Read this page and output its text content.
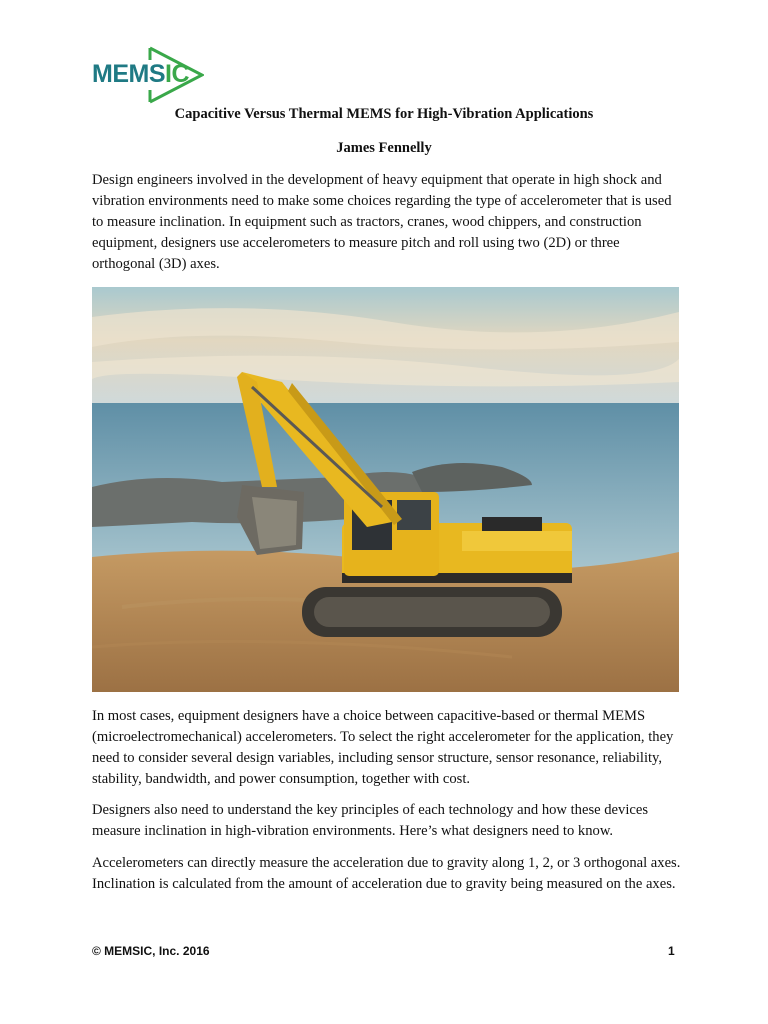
MEMSIC
Capacitive Versus Thermal MEMS for High-Vibration Applications
James Fennelly

Design engineers involved in the development of heavy equipment that operate in high shock and vibration environments need to make some choices regarding the type of accelerometer that is used to measure inclination. In equipment such as tractors, cranes, wood chippers, and construction equipment, designers use accelerometers to measure pitch and roll using two (2D) or three orthogonal (3D) axes.

In most cases, equipment designers have a choice between capacitive-based or thermal MEMS (microelectromechanical) accelerometers. To select the right accelerometer for the application, they need to consider several design variables, including sensor structure, sensor resonance, reliability, stability, bandwidth, and power consumption, together with cost.

Designers also need to understand the key principles of each technology and how these devices measure inclination in high-vibration environments. Here’s what designers need to know.

Accelerometers can directly measure the acceleration due to gravity along 1, 2, or 3 orthogonal axes. Inclination is calculated from the amount of acceleration due to gravity being measured on the axes.

© MEMSIC, Inc. 2016	1
